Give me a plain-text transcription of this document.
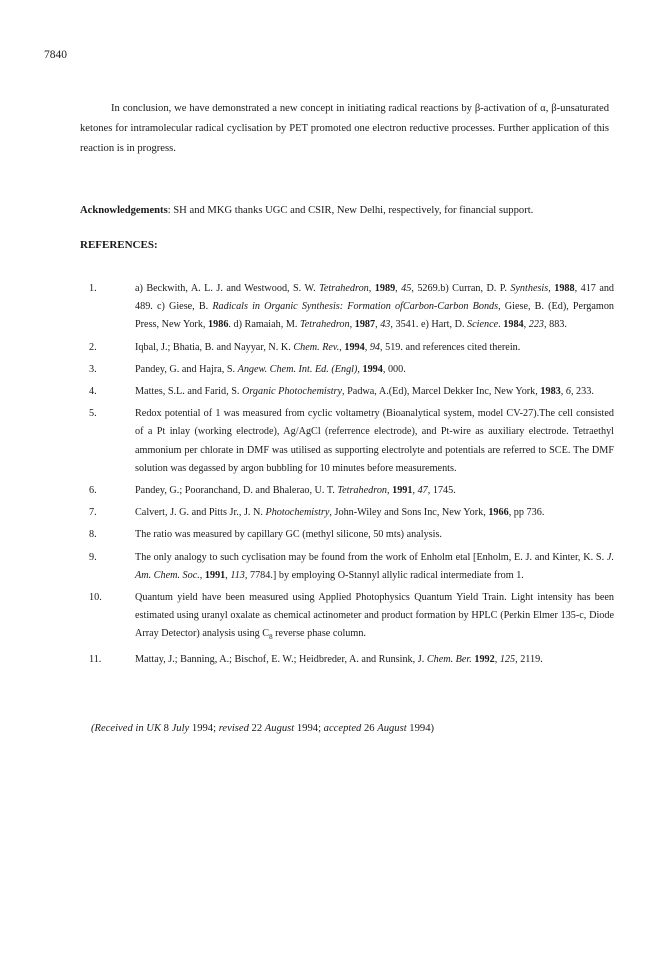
7840

In conclusion, we have demonstrated a new concept in initiating radical reactions by β-activation of α, β-unsaturated ketones for intramolecular radical cyclisation by PET promoted one electron reductive processes. Further application of this reaction is in progress.

Acknowledgements: SH and MKG thanks UGC and CSIR, New Delhi, respectively, for financial support.
REFERENCES:
1.	a) Beckwith, A. L. J. and Westwood, S. W. Tetrahedron, 1989, 45, 5269.b) Curran, D. P. Synthesis, 1988, 417 and 489. c) Giese, B. Radicals in Organic Synthesis: Formation ofCarbon-Carbon Bonds, Giese, B. (Ed), Pergamon Press, New York, 1986. d) Ramaiah, M. Tetrahedron, 1987, 43, 3541. e) Hart, D. Science. 1984, 223, 883.
2.	Iqbal, J.; Bhatia, B. and Nayyar, N. K. Chem. Rev., 1994, 94, 519. and references cited therein.
3.	Pandey, G. and Hajra, S. Angew. Chem. Int. Ed. (Engl), 1994, 000.
4.	Mattes, S.L. and Farid, S. Organic Photochemistry, Padwa, A.(Ed), Marcel Dekker Inc, New York, 1983, 6, 233.
5.	Redox potential of 1 was measured from cyclic voltametry (Bioanalytical system, model CV-27).The cell consisted of a Pt inlay (working electrode), Ag/AgCl (referrence electrode), and Pt-wire as auxiliary electrode. Tetraethyl ammonium per chlorate in DMF was utilised as supporting electrolyte and potentials are referred to SCE. The DMF solution was degassed by argon bubbling for 10 minutes before measurements.
6.	Pandey, G.; Pooranchand, D. and Bhalerao, U. T. Tetrahedron, 1991, 47, 1745.
7.	Calvert, J. G. and Pitts Jr., J. N. Photochemistry, John-Wiley and Sons Inc, New York, 1966, pp 736.
8.	The ratio was measured by capillary GC (methyl silicone, 50 mts) analysis.
9.	The only analogy to such cyclisation may be found from the work of Enholm etal [Enholm, E. J. and Kinter, K. S. J. Am. Chem. Soc., 1991, 113, 7784.] by employing O-Stannyl allylic radical intermediate from 1.
10.	Quantum yield have been measured using Applied Photophysics Quantum Yield Train. Light intensity has been estimated using uranyl oxalate as chemical actinometer and product formation by HPLC (Perkin Elmer 135-c, Diode Array Detector) analysis using $C_8$ reverse phase column.
11.	Mattay, J.; Banning, A.; Bischof, E. W.; Heidbreder, A. and Runsink, J. Chem. Ber. 1992, 125, 2119.
(Received in UK 8 July 1994; revised 22 August 1994; accepted 26 August 1994)
